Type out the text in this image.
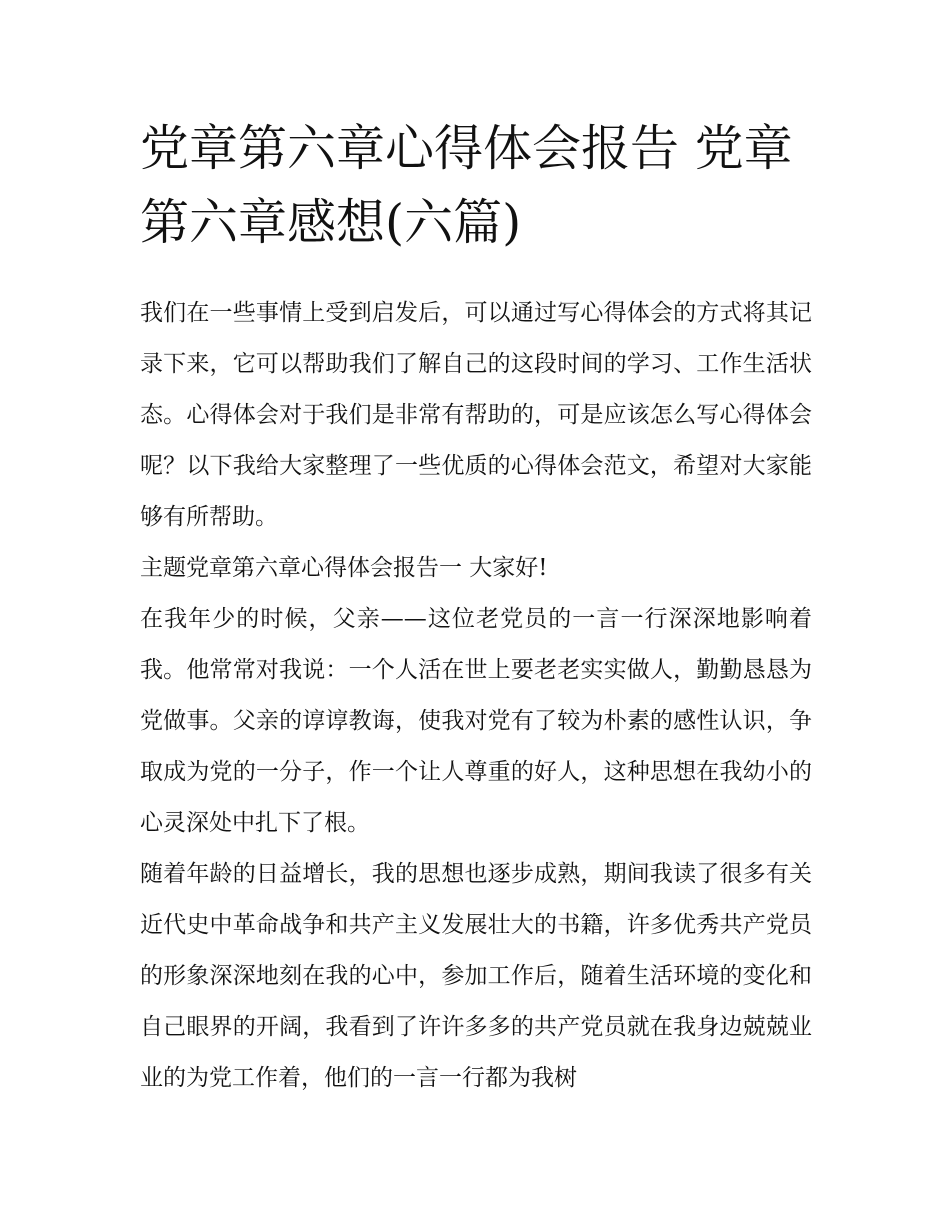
党章第六章心得体会报告 党章第六章感想(六篇)

我们在一些事情上受到启发后，可以通过写心得体会的方式将其记录下来，它可以帮助我们了解自己的这段时间的学习、工作生活状态。心得体会对于我们是非常有帮助的，可是应该怎么写心得体会呢？以下我给大家整理了一些优质的心得体会范文，希望对大家能够有所帮助。

主题党章第六章心得体会报告一 大家好!

在我年少的时候，父亲——这位老党员的一言一行深深地影响着我。他常常对我说：一个人活在世上要老老实实做人，勤勤恳恳为党做事。父亲的谆谆教诲，使我对党有了较为朴素的感性认识，争取成为党的一分子，作一个让人尊重的好人，这种思想在我幼小的心灵深处中扎下了根。

随着年龄的日益增长，我的思想也逐步成熟，期间我读了很多有关近代史中革命战争和共产主义发展壮大的书籍，许多优秀共产党员的形象深深地刻在我的心中，参加工作后，随着生活环境的变化和自己眼界的开阔，我看到了许许多多的共产党员就在我身边兢兢业业的为党工作着，他们的一言一行都为我树
